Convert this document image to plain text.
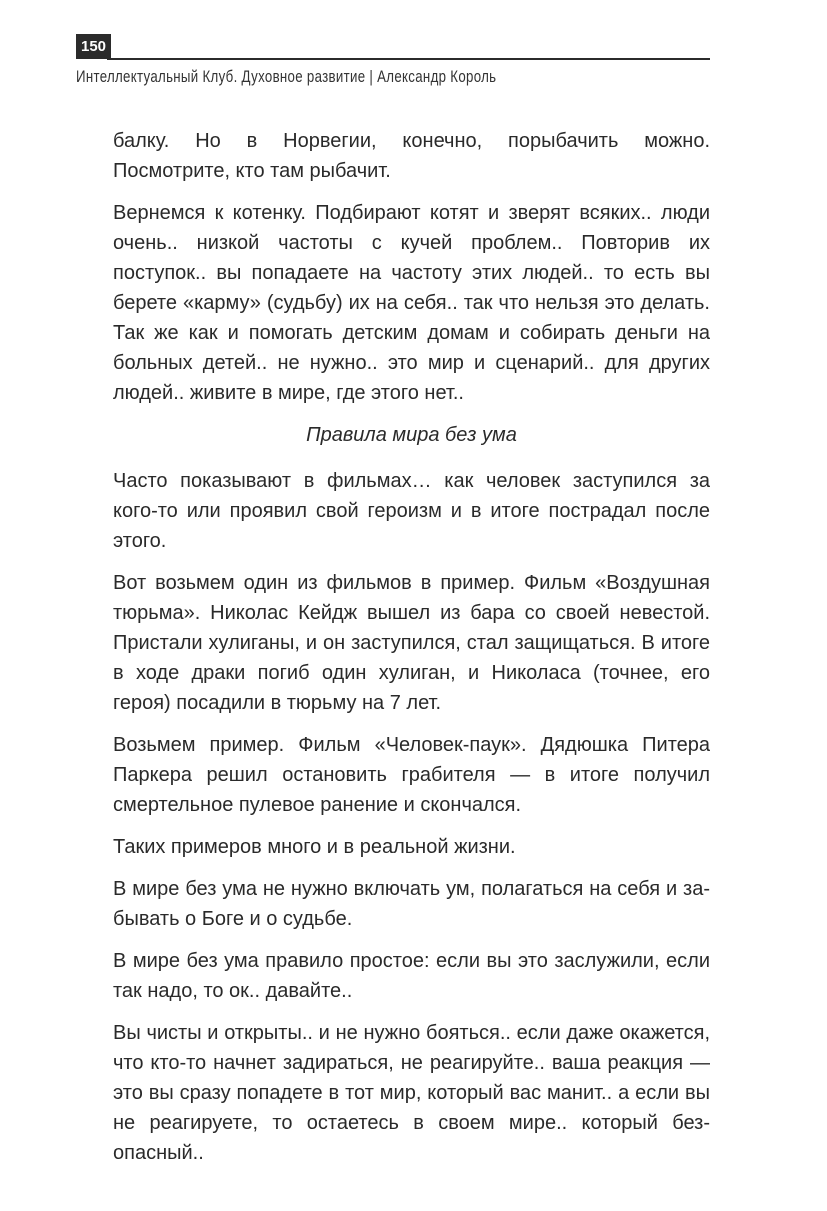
150
Интеллектуальный Клуб. Духовное развитие | Александр Король

балку. Но в Норвегии, конечно, порыбачить можно. Посмотрите, кто там рыбачит.

Вернемся к котенку. Подбирают котят и зверят всяких.. люди очень.. низкой частоты с кучей проблем.. Повторив их поступок.. вы попадаете на частоту этих людей.. то есть вы берете «карму» (судьбу) их на себя.. так что нельзя это делать. Так же как и помогать детским домам и собирать деньги на больных детей.. не нужно.. это мир и сценарий.. для других людей.. живите в мире, где этого нет..

Правила мира без ума

Часто показывают в фильмах… как человек заступился за кого-то или проявил свой героизм и в итоге пострадал после этого.

Вот возьмем один из фильмов в пример. Фильм «Воздушная тюрьма». Николас Кейдж вышел из бара со своей невестой. Пристали хулиганы, и он заступился, стал защищаться. В итоге в ходе драки погиб один хулиган, и Николаса (точнее, его героя) посадили в тюрьму на 7 лет.

Возьмем пример. Фильм «Человек-паук». Дядюшка Питера Паркера решил остановить грабителя — в итоге получил смертельное пулевое ранение и скончался.

Таких примеров много и в реальной жизни.

В мире без ума не нужно включать ум, полагаться на себя и забывать о Боге и о судьбе.

В мире без ума правило простое: если вы это заслужили, если так надо, то ок.. давайте..

Вы чисты и открыты.. и не нужно бояться.. если даже окажется, что кто-то начнет задираться, не реагируйте.. ваша реакция — это вы сразу попадете в тот мир, который вас манит.. а если вы не реагируете, то остаетесь в своем мире.. который безопасный..
